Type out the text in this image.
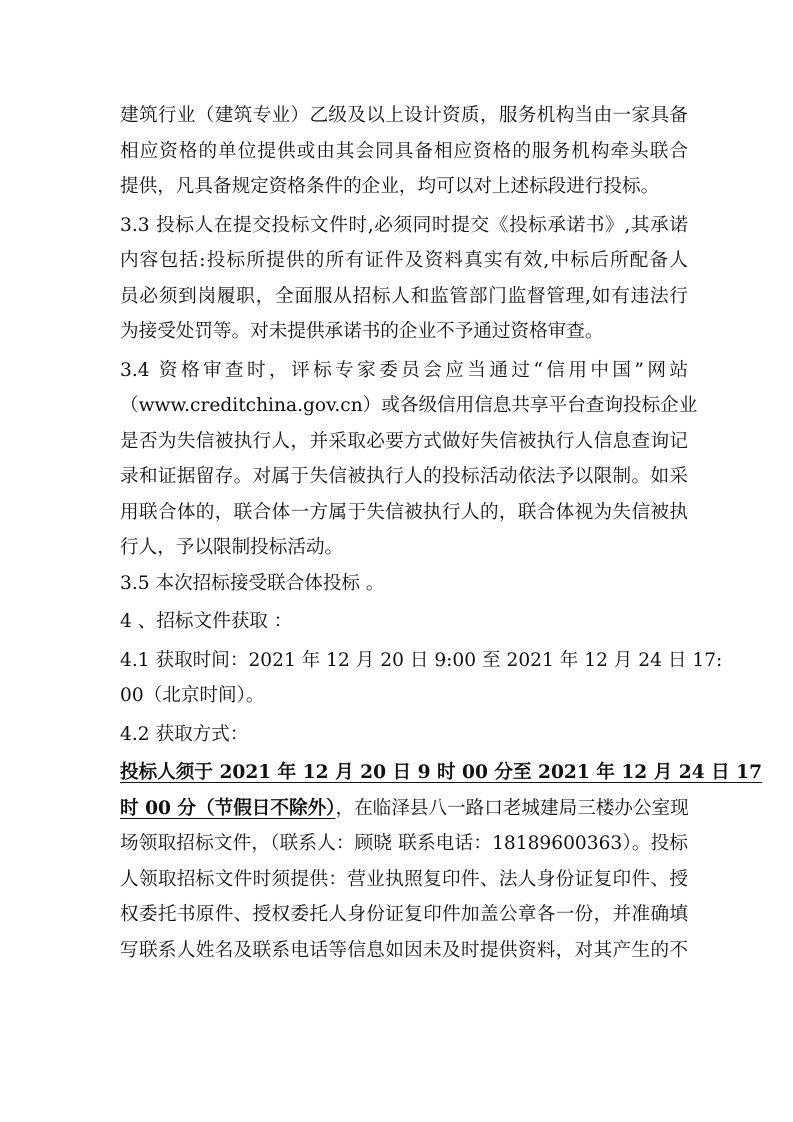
建筑行业（建筑专业）乙级及以上设计资质，服务机构当由一家具备
相应资格的单位提供或由其会同具备相应资格的服务机构牵头联合
提供，凡具备规定资格条件的企业，均可以对上述标段进行投标。
3.3 投标人在提交投标文件时,必须同时提交《投标承诺书》,其承诺
内容包括:投标所提供的所有证件及资料真实有效,中标后所配备人
员必须到岗履职，全面服从招标人和监管部门监督管理,如有违法行
为接受处罚等。对未提供承诺书的企业不予通过资格审查。
3.4 资格审查时，评标专家委员会应当通过“信用中国”网站
（www.creditchina.gov.cn）或各级信用信息共享平台查询投标企业
是否为失信被执行人，并采取必要方式做好失信被执行人信息查询记
录和证据留存。对属于失信被执行人的投标活动依法予以限制。如采
用联合体的，联合体一方属于失信被执行人的，联合体视为失信被执
行人，予以限制投标活动。
3.5 本次招标接受联合体投标 。
4 、招标文件获取 ：
4.1 获取时间：2021 年 12 月 20 日 9:00 至 2021 年 12 月 24 日 17:
00（北京时间）。
4.2 获取方式：
投标人须于 2021 年 12 月 20 日 9 时 00 分至 2021 年 12 月 24 日 17
时 00 分（节假日不除外），在临泽县八一路口老城建局三楼办公室现
场领取招标文件，（联系人：顾晓 联系电话：18189600363）。投标
人领取招标文件时须提供：营业执照复印件、法人身份证复印件、授
权委托书原件、授权委托人身份证复印件加盖公章各一份，并准确填
写联系人姓名及联系电话等信息如因未及时提供资料，对其产生的不
